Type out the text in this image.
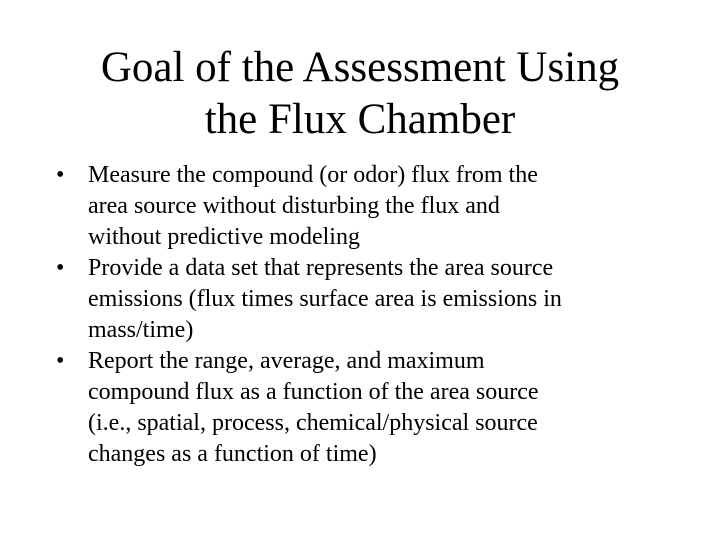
Goal of the Assessment Using
the Flux Chamber
• Measure the compound (or odor) flux from the
area source without disturbing the flux and
without predictive modeling
• Provide a data set that represents the area source
emissions (flux times surface area is emissions in
mass/time)
• Report the range, average, and maximum
compound flux as a function of the area source
(i.e., spatial, process, chemical/physical source
changes as a function of time)
